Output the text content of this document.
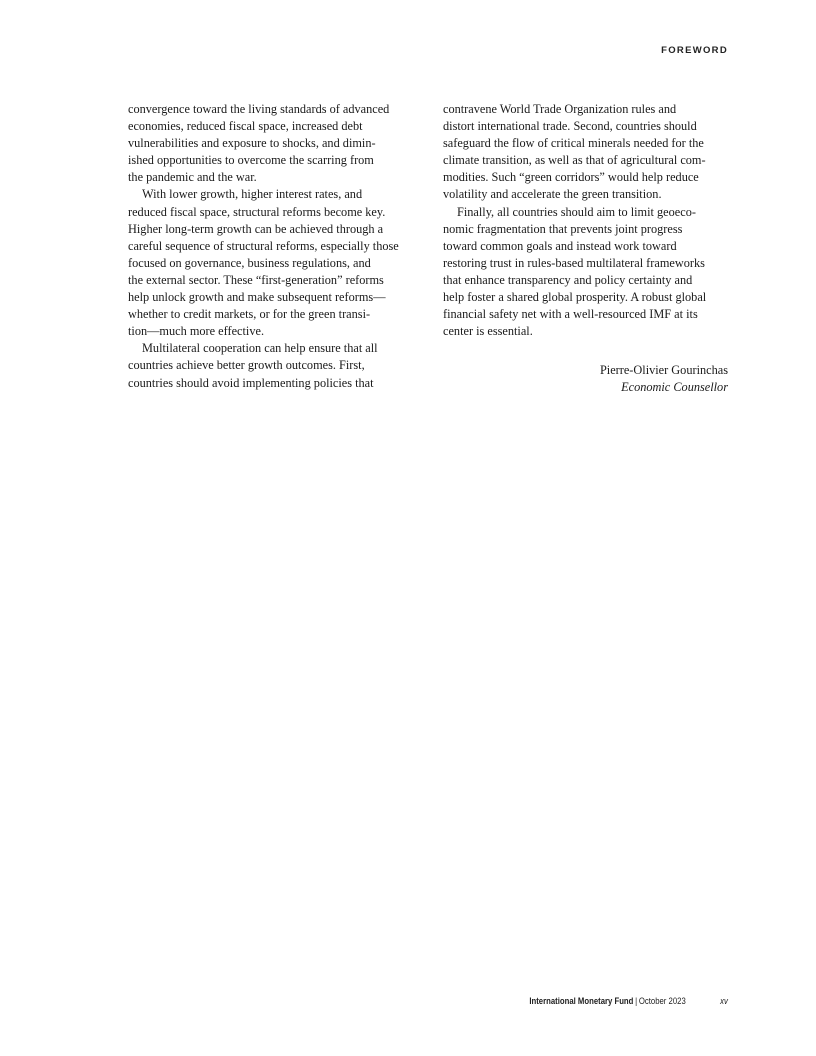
FOREWORD
convergence toward the living standards of advanced
economies, reduced fiscal space, increased debt
vulnerabilities and exposure to shocks, and dimin-
ished opportunities to overcome the scarring from
the pandemic and the war.
With lower growth, higher interest rates, and
reduced fiscal space, structural reforms become key.
Higher long-term growth can be achieved through a
careful sequence of structural reforms, especially those
focused on governance, business regulations, and
the external sector. These “first-generation” reforms
help unlock growth and make subsequent reforms—
whether to credit markets, or for the green transi-
tion—much more effective.
Multilateral cooperation can help ensure that all
countries achieve better growth outcomes. First,
countries should avoid implementing policies that
contravene World Trade Organization rules and
distort international trade. Second, countries should
safeguard the flow of critical minerals needed for the
climate transition, as well as that of agricultural com-
modities. Such “green corridors” would help reduce
volatility and accelerate the green transition.
Finally, all countries should aim to limit geoeco-
nomic fragmentation that prevents joint progress
toward common goals and instead work toward
restoring trust in rules-based multilateral frameworks
that enhance transparency and policy certainty and
help foster a shared global prosperity. A robust global
financial safety net with a well-resourced IMF at its
center is essential.
Pierre-Olivier Gourinchas
Economic Counsellor
International Monetary Fund | October 2023	xv
